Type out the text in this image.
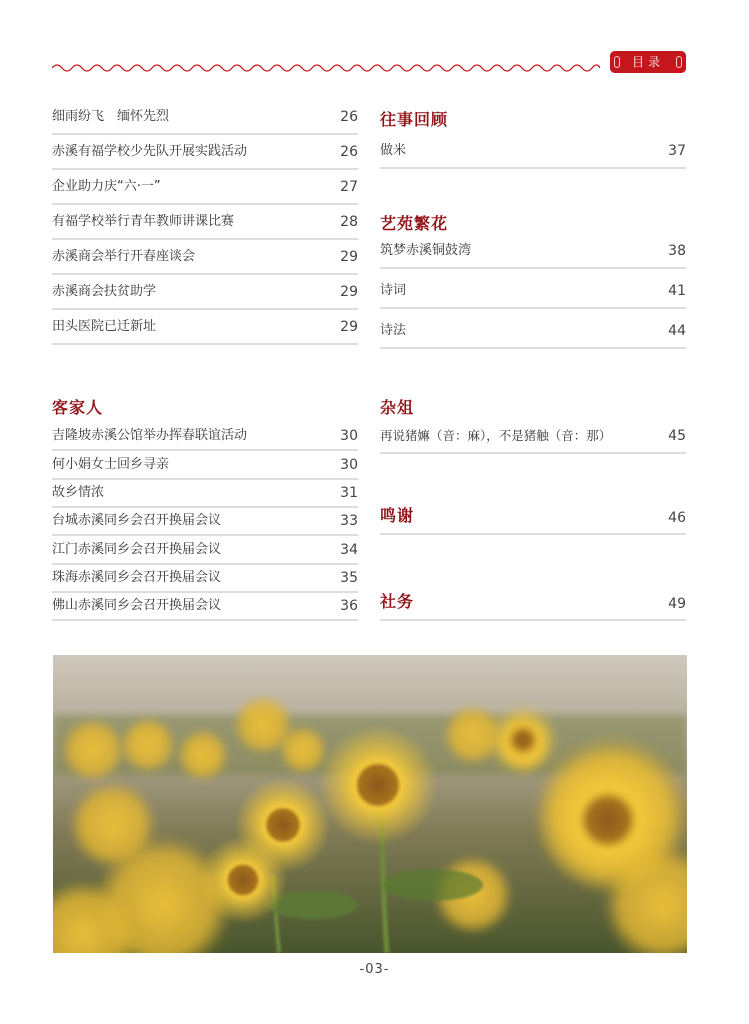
目录
细雨纷飞　缅怀先烈	26
赤溪有福学校少先队开展实践活动	26
企业助力庆“六·一”	27
有福学校举行青年教师讲课比赛	28
赤溪商会举行开春座谈会	29
赤溪商会扶贫助学	29
田头医院已迁新址	29
客家人
吉隆坡赤溪公馆举办挥春联谊活动	30
何小娟女士回乡寻亲	30
故乡情浓	31
台城赤溪同乡会召开换届会议	33
江门赤溪同乡会召开换届会议	34
珠海赤溪同乡会召开换届会议	35
佛山赤溪同乡会召开换届会议	36
往事回顾
做米	37
艺苑繁花
筑梦赤溪铜鼓湾	38
诗词	41
诗法	44
杂俎
再说猪嫲（音：麻），不是猪触（音：那）	45
鸣谢	46
社务	49
-03-
